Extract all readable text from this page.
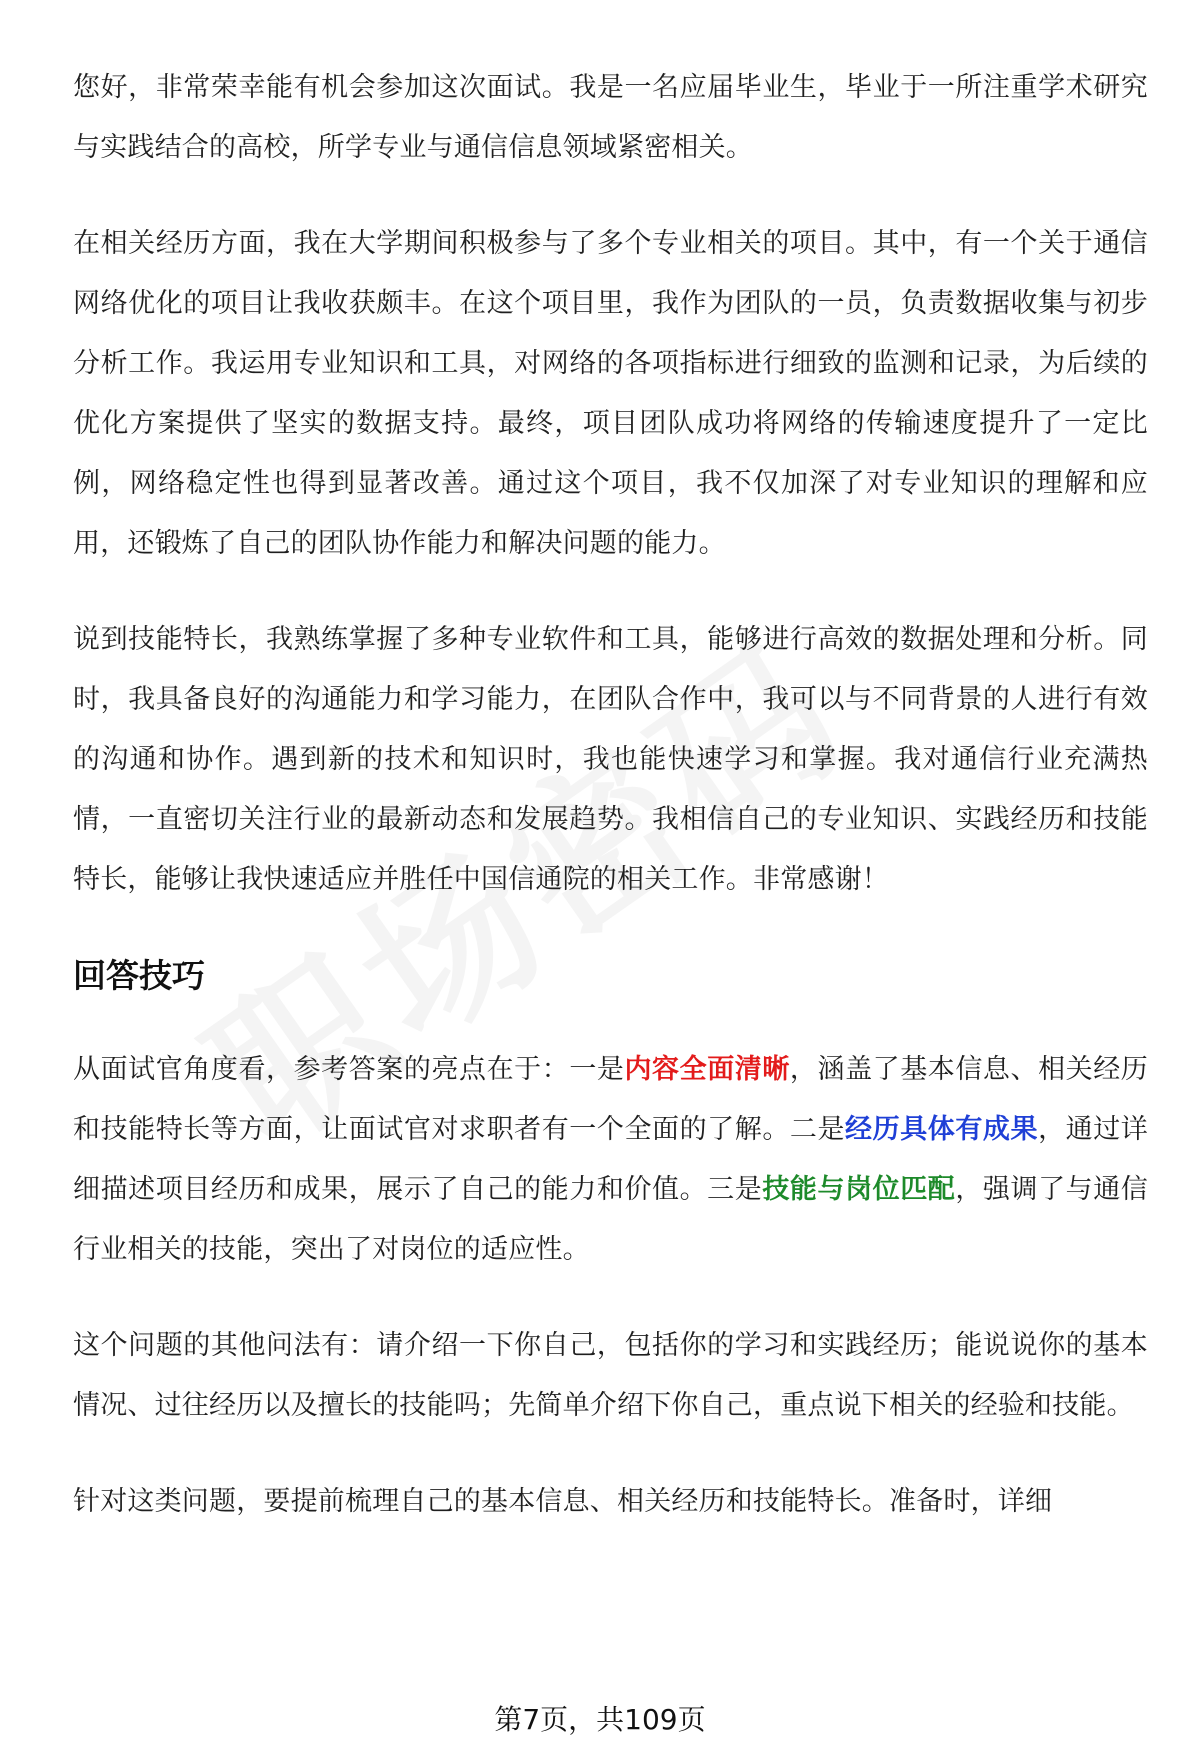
您好，非常荣幸能有机会参加这次面试。我是一名应届毕业生，毕业于一所注重学术研究与实践结合的高校，所学专业与通信信息领域紧密相关。

在相关经历方面，我在大学期间积极参与了多个专业相关的项目。其中，有一个关于通信网络优化的项目让我收获颇丰。在这个项目里，我作为团队的一员，负责数据收集与初步分析工作。我运用专业知识和工具，对网络的各项指标进行细致的监测和记录，为后续的优化方案提供了坚实的数据支持。最终，项目团队成功将网络的传输速度提升了一定比例，网络稳定性也得到显著改善。通过这个项目，我不仅加深了对专业知识的理解和应用，还锻炼了自己的团队协作能力和解决问题的能力。

说到技能特长，我熟练掌握了多种专业软件和工具，能够进行高效的数据处理和分析。同时，我具备良好的沟通能力和学习能力，在团队合作中，我可以与不同背景的人进行有效的沟通和协作。遇到新的技术和知识时，我也能快速学习和掌握。我对通信行业充满热情，一直密切关注行业的最新动态和发展趋势。我相信自己的专业知识、实践经历和技能特长，能够让我快速适应并胜任中国信通院的相关工作。非常感谢！

回答技巧

从面试官角度看，参考答案的亮点在于：一是内容全面清晰，涵盖了基本信息、相关经历和技能特长等方面，让面试官对求职者有一个全面的了解。二是经历具体有成果，通过详细描述项目经历和成果，展示了自己的能力和价值。三是技能与岗位匹配，强调了与通信行业相关的技能，突出了对岗位的适应性。

这个问题的其他问法有：请介绍一下你自己，包括你的学习和实践经历；能说说你的基本情况、过往经历以及擅长的技能吗；先简单介绍下你自己，重点说下相关的经验和技能。

针对这类问题，要提前梳理自己的基本信息、相关经历和技能特长。准备时，详细

第7页，共109页
